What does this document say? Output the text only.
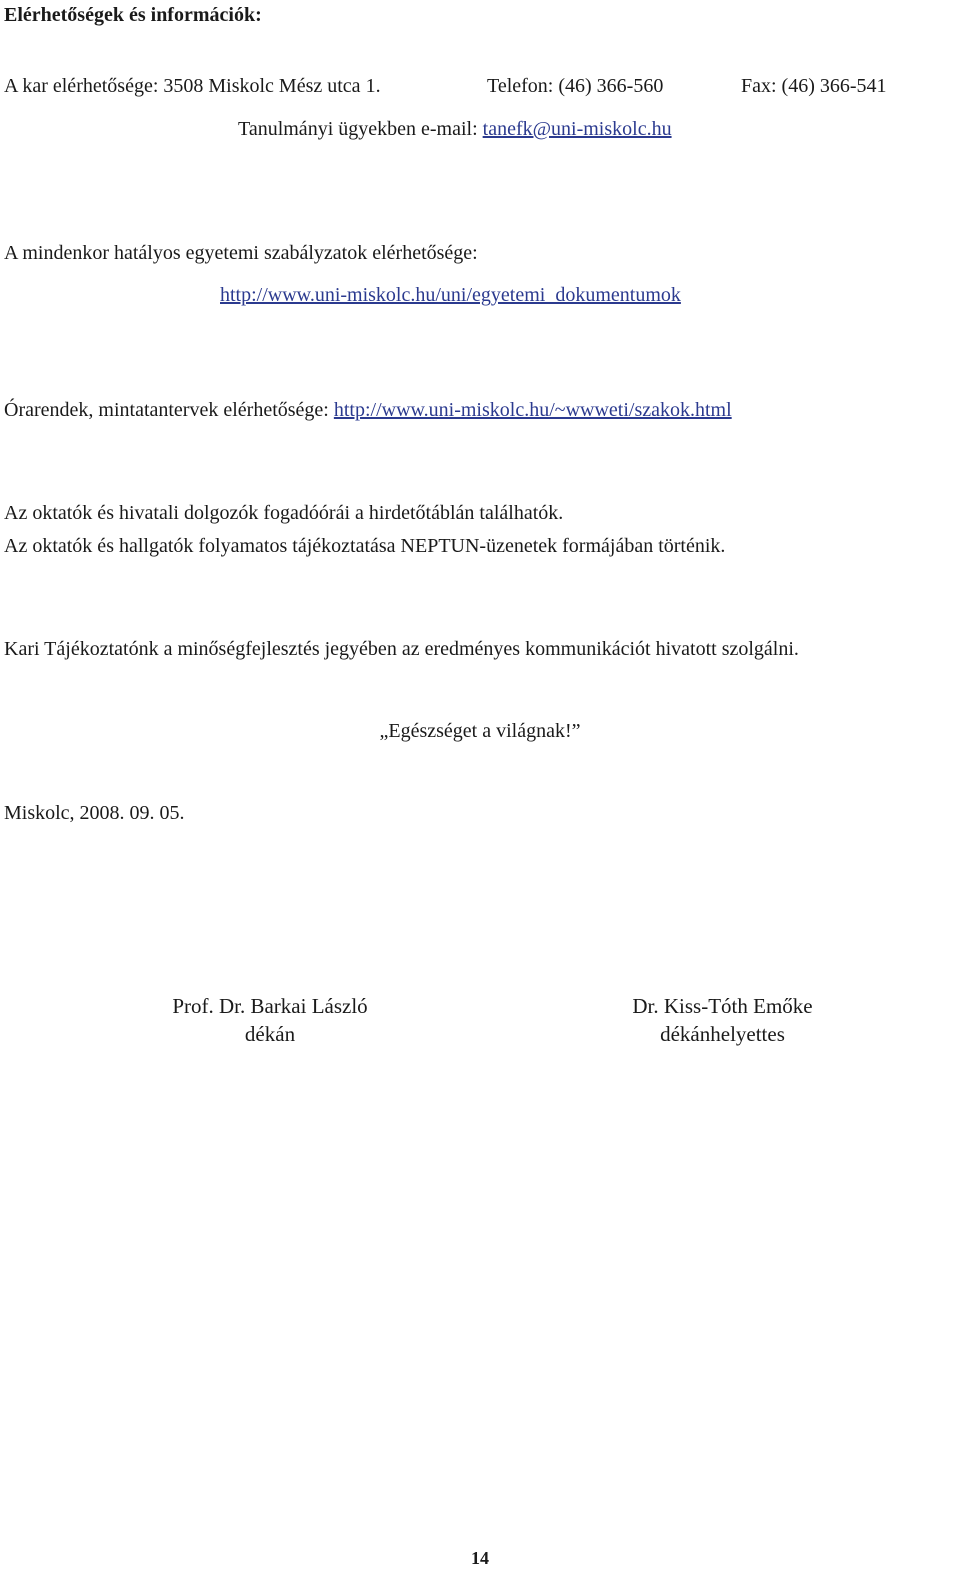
Elérhetőségek és információk:
A kar elérhetősége: 3508 Miskolc Mész utca 1.	Telefon: (46) 366-560	Fax: (46) 366-541
Tanulmányi ügyekben e-mail: tanefk@uni-miskolc.hu
A mindenkor hatályos egyetemi szabályzatok elérhetősége:
http://www.uni-miskolc.hu/uni/egyetemi_dokumentumok
Órarendek, mintatantervek elérhetősége: http://www.uni-miskolc.hu/~wwweti/szakok.html
Az oktatók és hivatali dolgozók fogadóórái a hirdetőtáblán találhatók.
Az oktatók és hallgatók folyamatos tájékoztatása NEPTUN-üzenetek formájában történik.
Kari Tájékoztatónk a minőségfejlesztés jegyében az eredményes kommunikációt hivatott szolgálni.
„Egészséget a világnak!”
Miskolc, 2008. 09. 05.
Prof. Dr. Barkai László
dékán
Dr. Kiss-Tóth Emőke
dékánhelyettes
14
